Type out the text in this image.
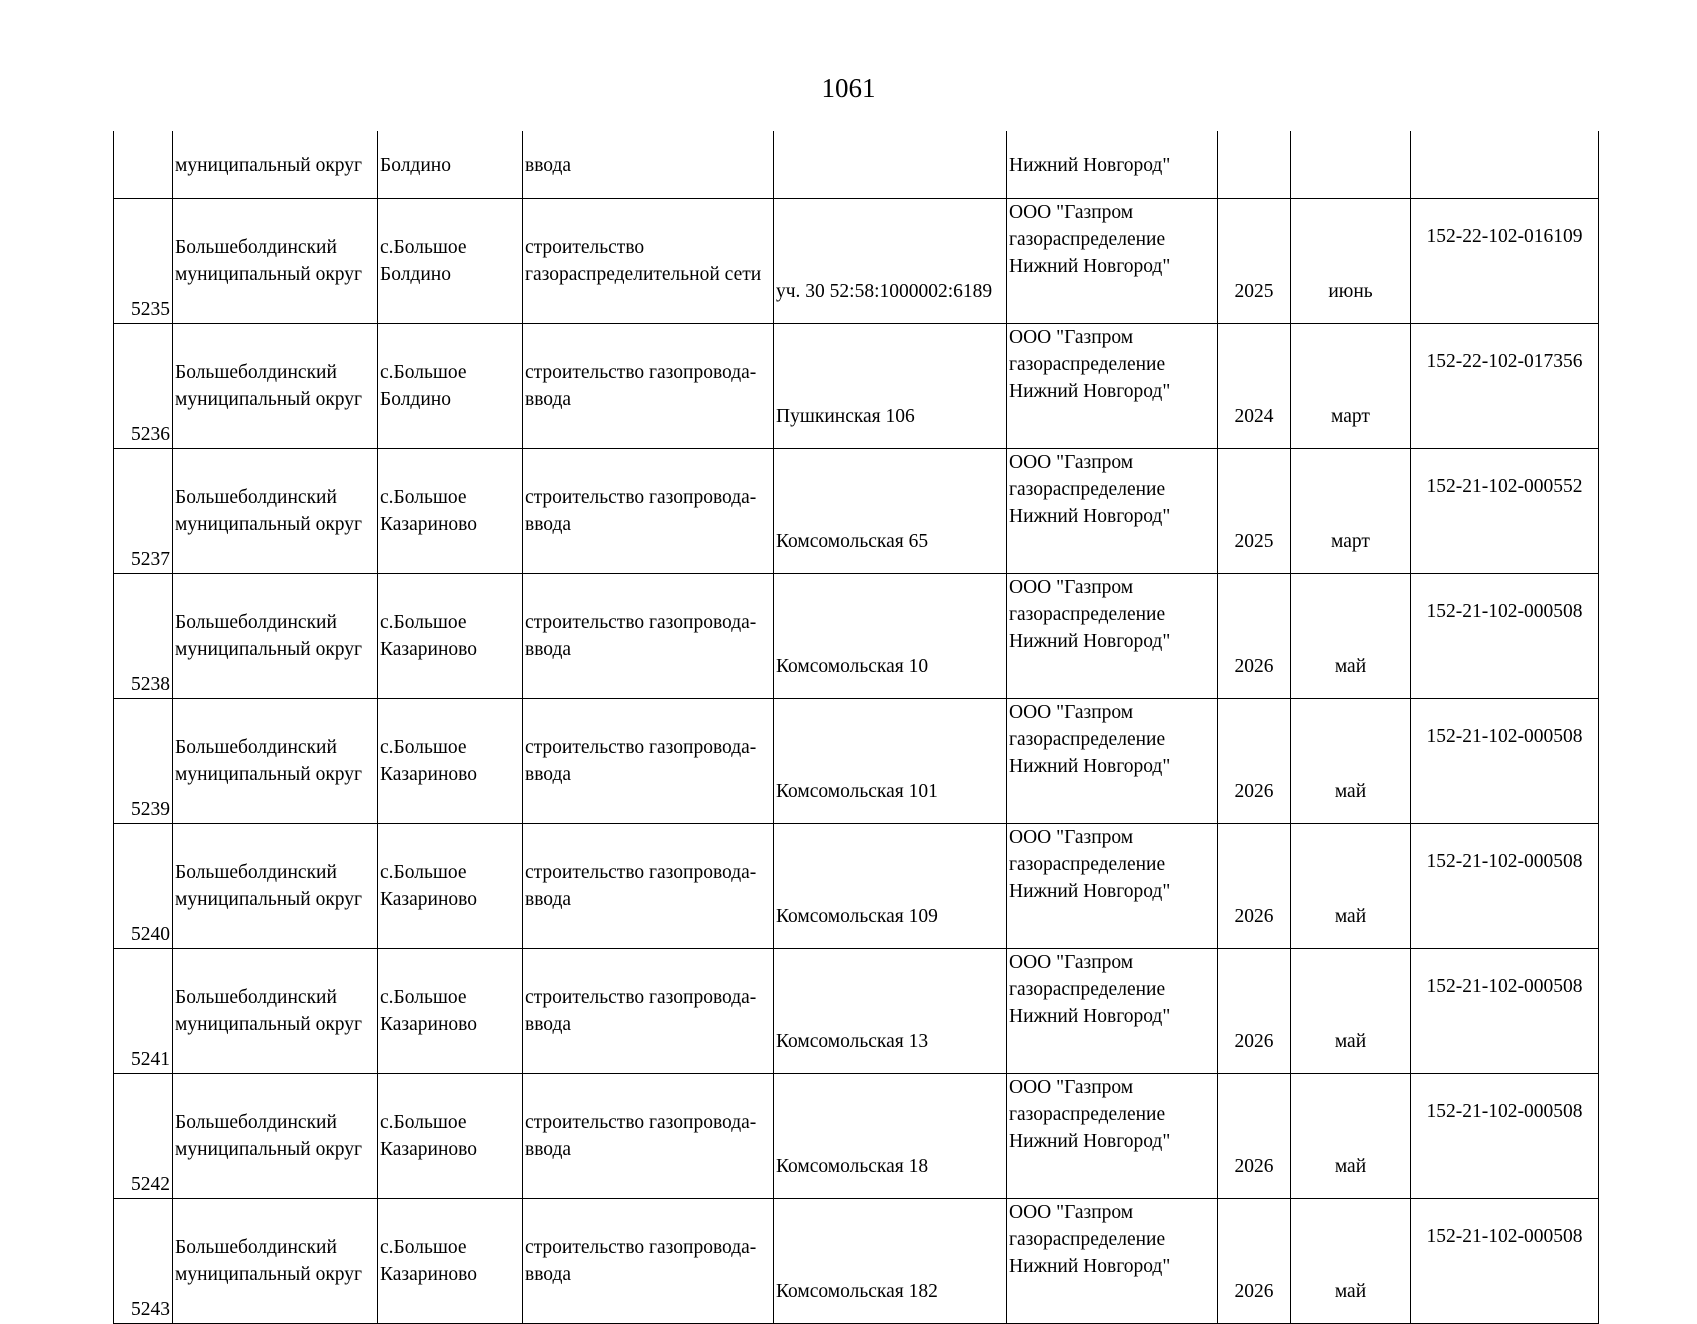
1061
	муниципальный округ	Болдино	ввода		Нижний Новгород"			

5235	Большеболдинский
муниципальный округ	с.Большое
Болдино	строительство
газораспределительной сети	уч. 30 52:58:1000002:6189	ООО "Газпром
газораспределение
Нижний Новгород"	2025	июнь	152-22-102-016109

5236	Большеболдинский
муниципальный округ	с.Большое
Болдино	строительство газопровода-
ввода	Пушкинская 106	ООО "Газпром
газораспределение
Нижний Новгород"	2024	март	152-22-102-017356

5237	Большеболдинский
муниципальный округ	с.Большое
Казариново	строительство газопровода-
ввода	Комсомольская 65	ООО "Газпром
газораспределение
Нижний Новгород"	2025	март	152-21-102-000552

5238	Большеболдинский
муниципальный округ	с.Большое
Казариново	строительство газопровода-
ввода	Комсомольская 10	ООО "Газпром
газораспределение
Нижний Новгород"	2026	май	152-21-102-000508

5239	Большеболдинский
муниципальный округ	с.Большое
Казариново	строительство газопровода-
ввода	Комсомольская 101	ООО "Газпром
газораспределение
Нижний Новгород"	2026	май	152-21-102-000508

5240	Большеболдинский
муниципальный округ	с.Большое
Казариново	строительство газопровода-
ввода	Комсомольская 109	ООО "Газпром
газораспределение
Нижний Новгород"	2026	май	152-21-102-000508

5241	Большеболдинский
муниципальный округ	с.Большое
Казариново	строительство газопровода-
ввода	Комсомольская 13	ООО "Газпром
газораспределение
Нижний Новгород"	2026	май	152-21-102-000508

5242	Большеболдинский
муниципальный округ	с.Большое
Казариново	строительство газопровода-
ввода	Комсомольская 18	ООО "Газпром
газораспределение
Нижний Новгород"	2026	май	152-21-102-000508

5243	Большеболдинский
муниципальный округ	с.Большое
Казариново	строительство газопровода-
ввода	Комсомольская 182	ООО "Газпром
газораспределение
Нижний Новгород"	2026	май	152-21-102-000508
